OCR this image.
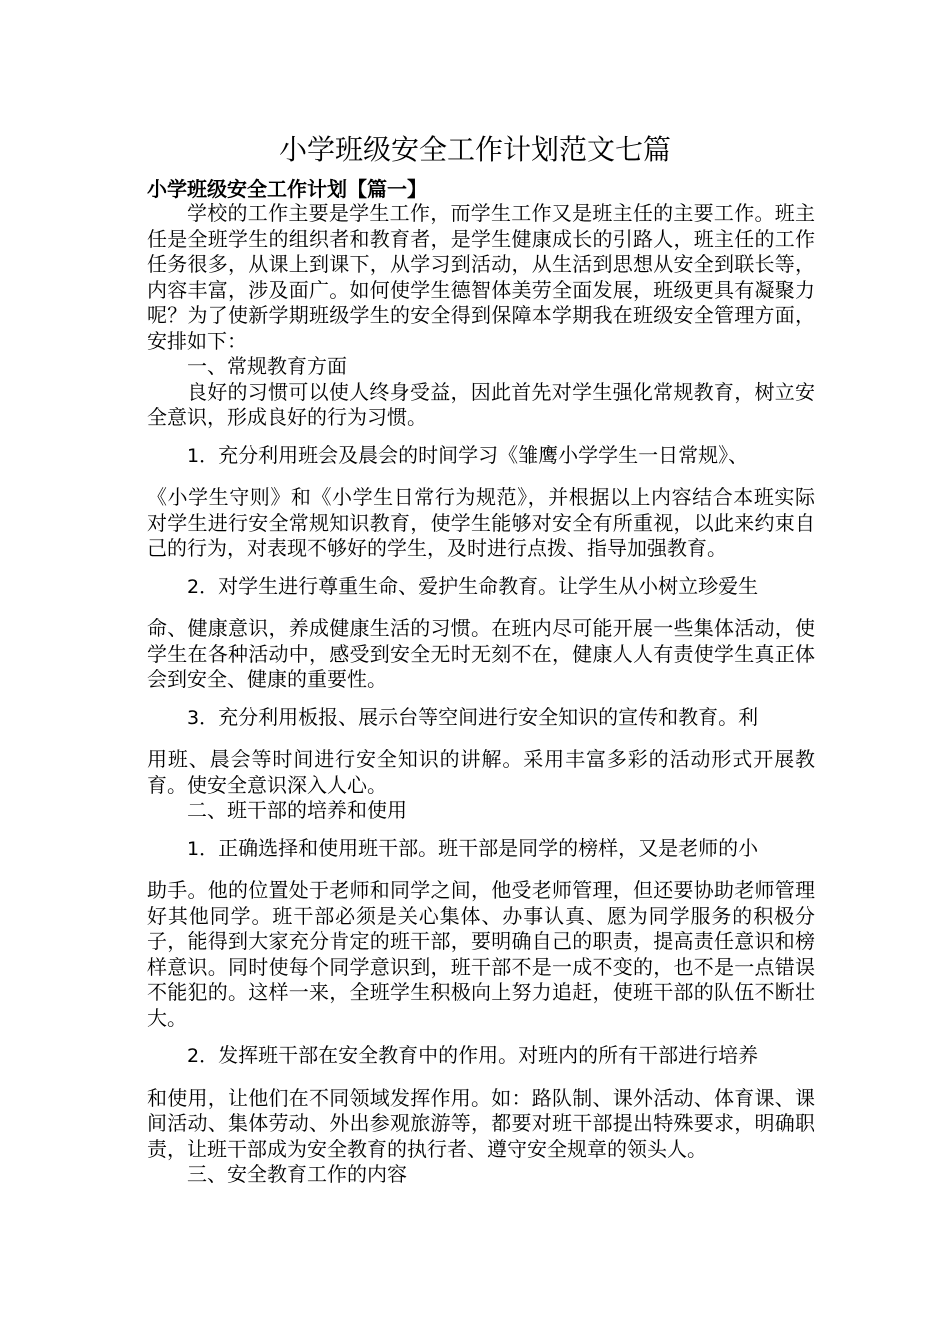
小学班级安全工作计划范文七篇
小学班级安全工作计划【篇一】

学校的工作主要是学生工作，而学生工作又是班主任的主要工作。班主任是全班学生的组织者和教育者，是学生健康成长的引路人，班主任的工作任务很多，从课上到课下，从学习到活动，从生活到思想从安全到联长等，内容丰富，涉及面广。如何使学生德智体美劳全面发展，班级更具有凝聚力呢？为了使新学期班级学生的安全得到保障本学期我在班级安全管理方面，安排如下：

一、常规教育方面

良好的习惯可以使人终身受益，因此首先对学生强化常规教育，树立安全意识，形成良好的行为习惯。

1．充分利用班会及晨会的时间学习《雏鹰小学学生一日常规》、

《小学生守则》和《小学生日常行为规范》，并根据以上内容结合本班实际对学生进行安全常规知识教育，使学生能够对安全有所重视，以此来约束自己的行为，对表现不够好的学生，及时进行点拨、指导加强教育。

2．对学生进行尊重生命、爱护生命教育。让学生从小树立珍爱生

命、健康意识，养成健康生活的习惯。在班内尽可能开展一些集体活动，使学生在各种活动中，感受到安全无时无刻不在，健康人人有责使学生真正体会到安全、健康的重要性。

3．充分利用板报、展示台等空间进行安全知识的宣传和教育。利

用班、晨会等时间进行安全知识的讲解。采用丰富多彩的活动形式开展教育。使安全意识深入人心。

二、班干部的培养和使用

1．正确选择和使用班干部。班干部是同学的榜样，又是老师的小

助手。他的位置处于老师和同学之间，他受老师管理，但还要协助老师管理好其他同学。班干部必须是关心集体、办事认真、愿为同学服务的积极分子，能得到大家充分肯定的班干部，要明确自己的职责，提高责任意识和榜样意识。同时使每个同学意识到，班干部不是一成不变的，也不是一点错误不能犯的。这样一来，全班学生积极向上努力追赶，使班干部的队伍不断壮大。

2．发挥班干部在安全教育中的作用。对班内的所有干部进行培养

和使用，让他们在不同领域发挥作用。如：路队制、课外活动、体育课、课间活动、集体劳动、外出参观旅游等，都要对班干部提出特殊要求，明确职责，让班干部成为安全教育的执行者、遵守安全规章的领头人。

三、安全教育工作的内容
